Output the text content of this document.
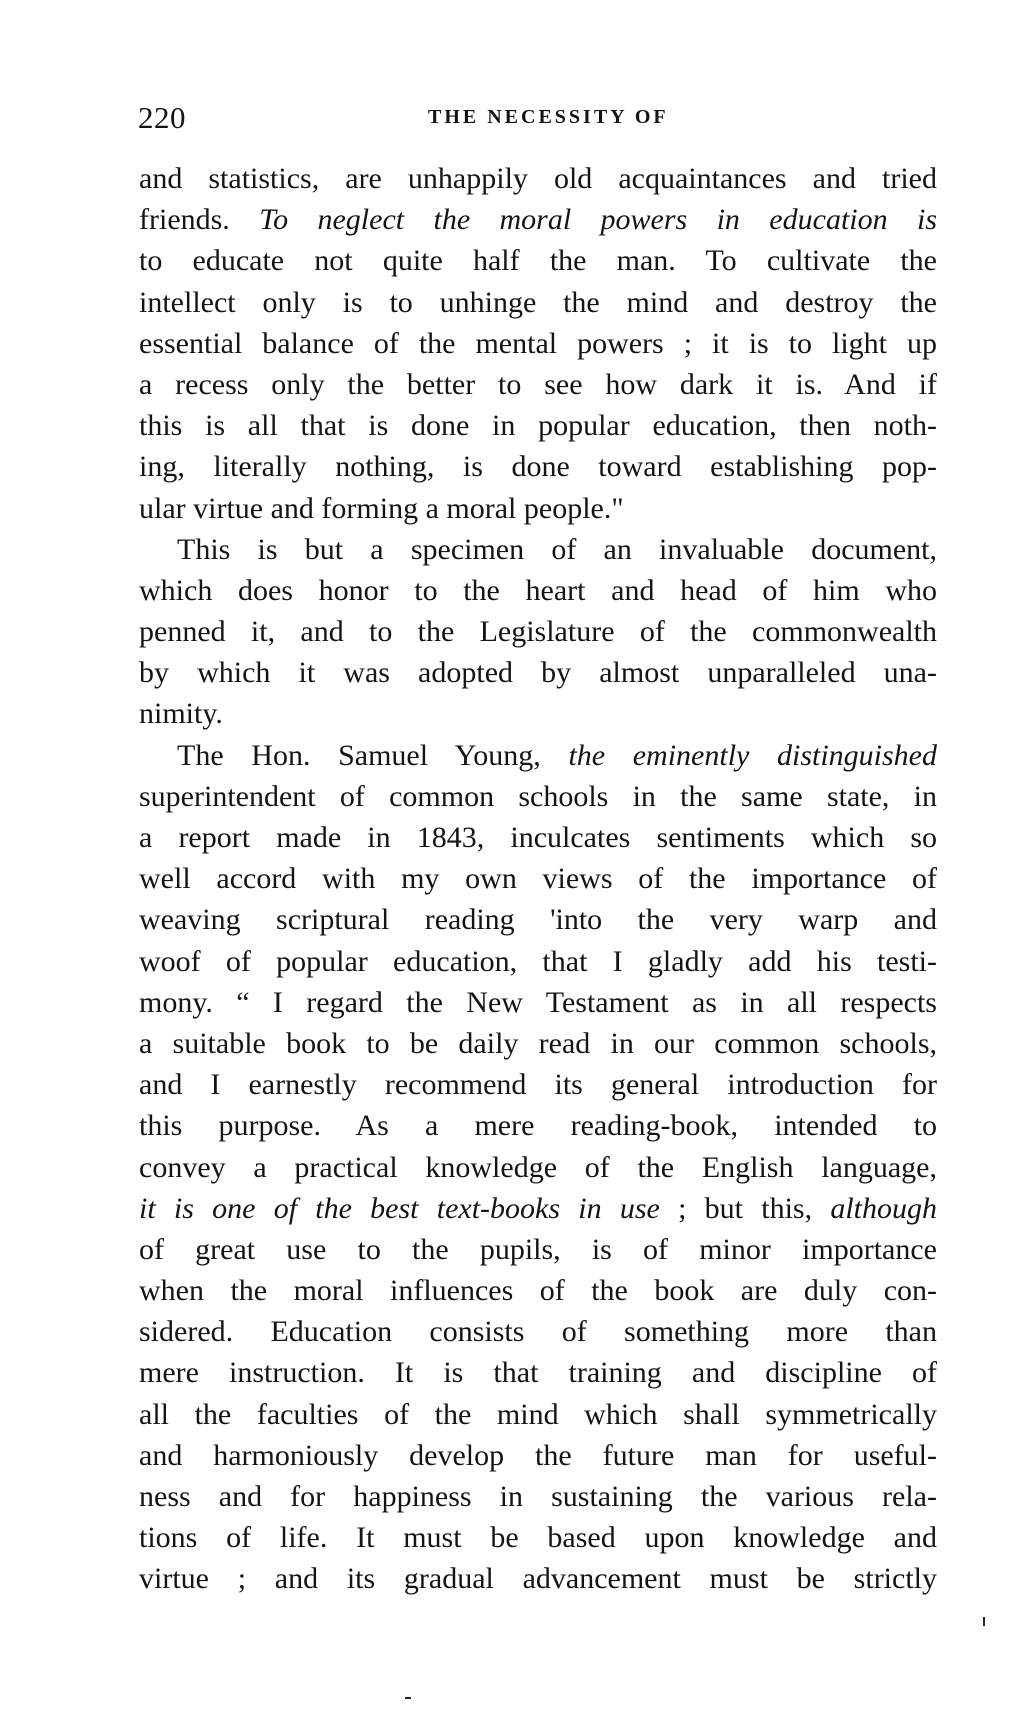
220	THE NECESSITY OF
and statistics, are unhappily old acquaintances and tried
friends. To neglect the moral powers in education is
to educate not quite half the man. To cultivate the
intellect only is to unhinge the mind and destroy the
essential balance of the mental powers ; it is to light up
a recess only the better to see how dark it is. And if
this is all that is done in popular education, then noth-
ing, literally nothing, is done toward establishing pop-
ular virtue and forming a moral people."
This is but a specimen of an invaluable document,
which does honor to the heart and head of him who
penned it, and to the Legislature of the commonwealth
by which it was adopted by almost unparalleled una-
nimity.
The Hon. Samuel Young, the eminently distinguished
superintendent of common schools in the same state, in
a report made in 1843, inculcates sentiments which so
well accord with my own views of the importance of
weaving scriptural reading 'into the very warp and
woof of popular education, that I gladly add his testi-
mony. “ I regard the New Testament as in all respects
a suitable book to be daily read in our common schools,
and I earnestly recommend its general introduction for
this purpose. As a mere reading-book, intended to
convey a practical knowledge of the English language,
it is one of the best text-books in use ; but this, although
of great use to the pupils, is of minor importance
when the moral influences of the book are duly con-
sidered. Education consists of something more than
mere instruction. It is that training and discipline of
all the faculties of the mind which shall symmetrically
and harmoniously develop the future man for useful-
ness and for happiness in sustaining the various rela-
tions of life. It must be based upon knowledge and
virtue ; and its gradual advancement must be strictly
